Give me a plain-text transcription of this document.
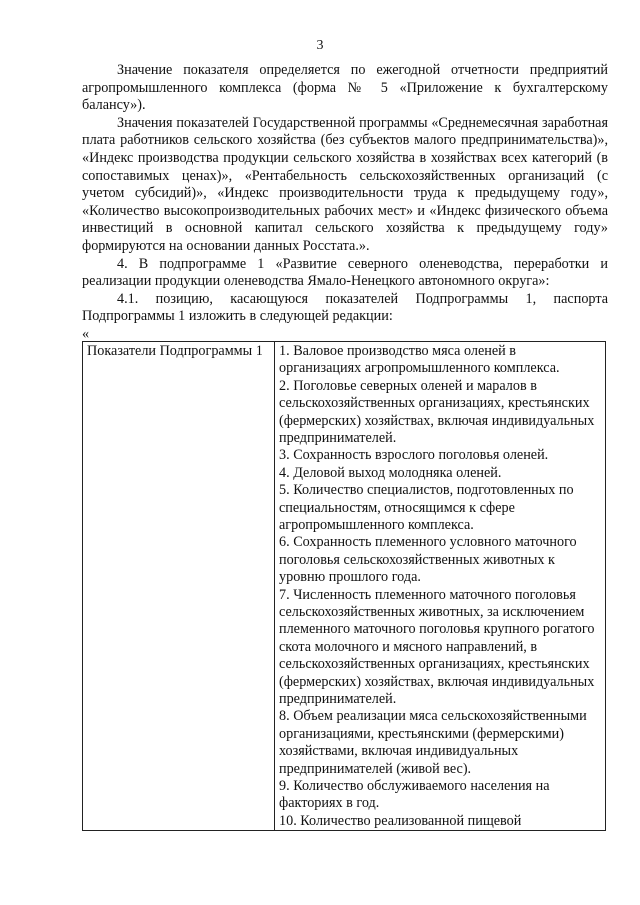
3

Значение показателя определяется по ежегодной отчетности предприятий агропромышленного комплекса (форма № 5 «Приложение к бухгалтерскому балансу»).

Значения показателей Государственной программы «Среднемесячная заработная плата работников сельского хозяйства (без субъектов малого предпринимательства)», «Индекс производства продукции сельского хозяйства в хозяйствах всех категорий (в сопоставимых ценах)», «Рентабельность сельскохозяйственных организаций (с учетом субсидий)», «Индекс производительности труда к предыдущему году», «Количество высокопроизводительных рабочих мест» и «Индекс физического объема инвестиций в основной капитал сельского хозяйства к предыдущему году» формируются на основании данных Росстата.».

4. В подпрограмме 1 «Развитие северного оленеводства, переработки и реализации продукции оленеводства Ямало-Ненецкого автономного округа»:

4.1. позицию, касающуюся показателей Подпрограммы 1, паспорта Подпрограммы 1 изложить в следующей редакции:

«

Показатели Подпрограммы 1	1. Валовое производство мяса оленей в организациях агропромышленного комплекса.
2. Поголовье северных оленей и маралов в сельскохозяйственных организациях, крестьянских (фермерских) хозяйствах, включая индивидуальных предпринимателей.
3. Сохранность взрослого поголовья оленей.
4. Деловой выход молодняка оленей.
5. Количество специалистов, подготовленных по специальностям, относящимся к сфере агропромышленного комплекса.
6. Сохранность племенного условного маточного поголовья сельскохозяйственных животных к уровню прошлого года.
7. Численность племенного маточного поголовья сельскохозяйственных животных, за исключением племенного маточного поголовья крупного рогатого скота молочного и мясного направлений, в сельскохозяйственных организациях, крестьянских (фермерских) хозяйствах, включая индивидуальных предпринимателей.
8. Объем реализации мяса сельскохозяйственными организациями, крестьянскими (фермерскими) хозяйствами, включая индивидуальных предпринимателей (живой вес).
9. Количество обслуживаемого населения на факториях в год.
10. Количество реализованной пищевой
